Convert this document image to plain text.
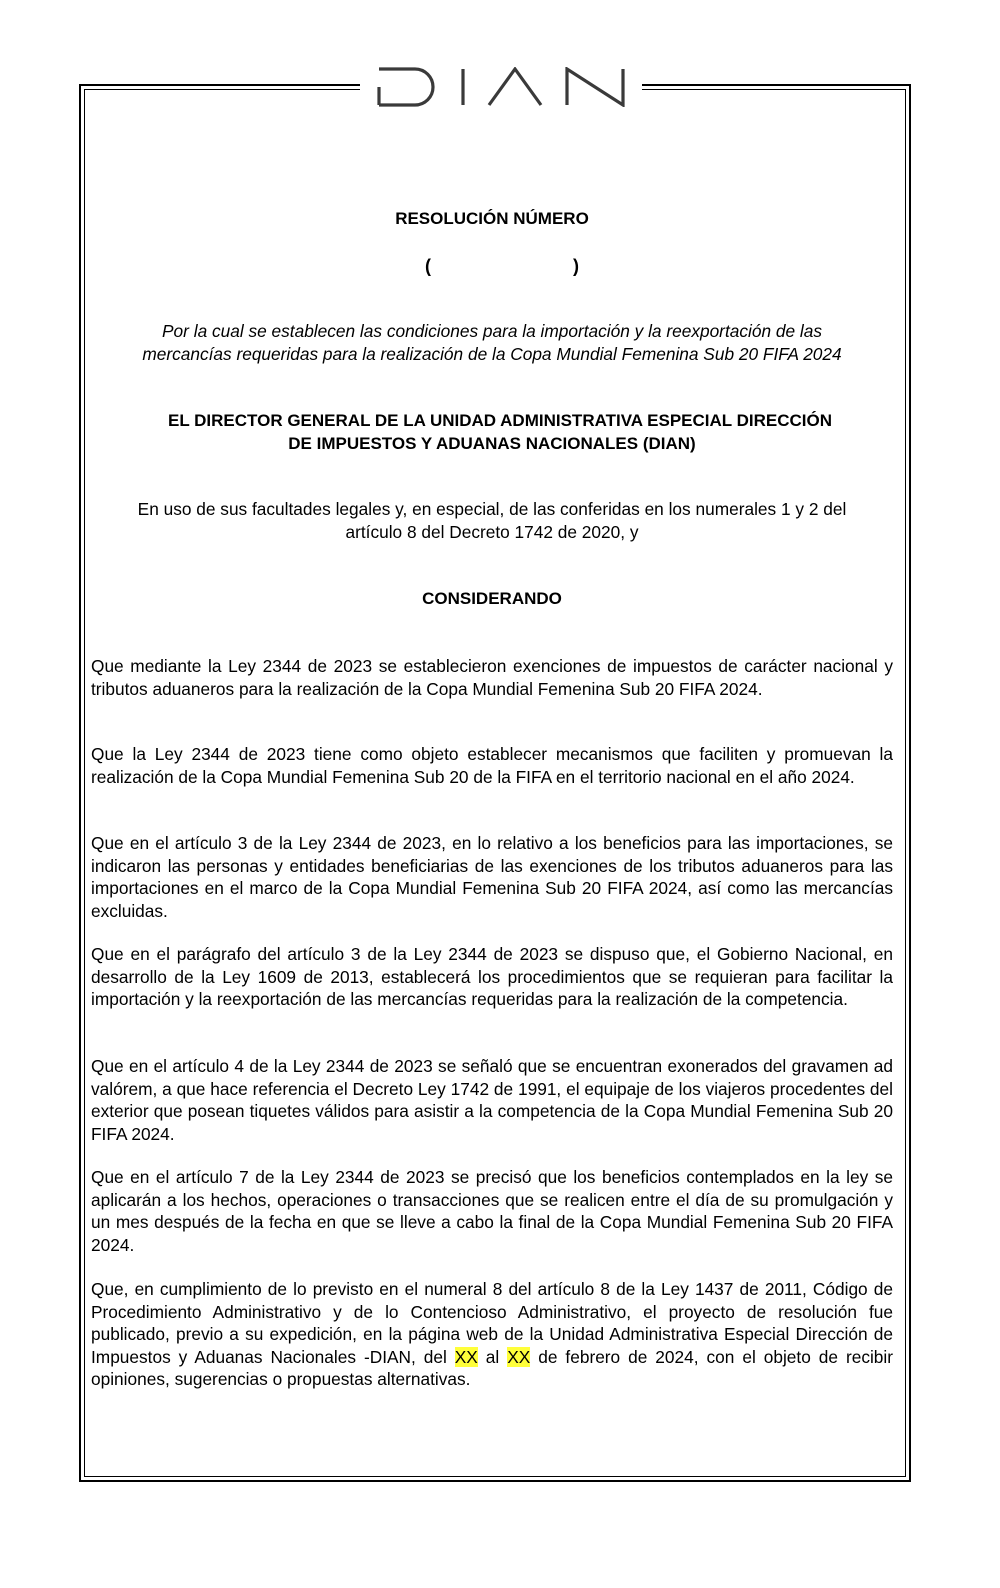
RESOLUCIÓN NÚMERO
(	)
Por la cual se establecen las condiciones para la importación y la reexportación de las
mercancías requeridas para la realización de la Copa Mundial Femenina Sub 20 FIFA 2024
EL DIRECTOR GENERAL DE LA UNIDAD ADMINISTRATIVA ESPECIAL DIRECCIÓN
DE IMPUESTOS Y ADUANAS NACIONALES (DIAN)
En uso de sus facultades legales y, en especial, de las conferidas en los numerales 1 y 2 del
artículo 8 del Decreto 1742 de 2020, y
CONSIDERANDO
Que mediante la Ley 2344 de 2023 se establecieron exenciones de impuestos de carácter nacional y tributos aduaneros para la realización de la Copa Mundial Femenina Sub 20 FIFA 2024.
Que la Ley 2344 de 2023 tiene como objeto establecer mecanismos que faciliten y promuevan la realización de la Copa Mundial Femenina Sub 20 de la FIFA en el territorio nacional en el año 2024.
Que en el artículo 3 de la Ley 2344 de 2023, en lo relativo a los beneficios para las importaciones, se indicaron las personas y entidades beneficiarias de las exenciones de los tributos aduaneros para las importaciones en el marco de la Copa Mundial Femenina Sub 20 FIFA 2024, así como las mercancías excluidas.
Que en el parágrafo del artículo 3 de la Ley 2344 de 2023 se dispuso que, el Gobierno Nacional, en desarrollo de la Ley 1609 de 2013, establecerá los procedimientos que se requieran para facilitar la importación y la reexportación de las mercancías requeridas para la realización de la competencia.
Que en el artículo 4 de la Ley 2344 de 2023 se señaló que se encuentran exonerados del gravamen ad valórem, a que hace referencia el Decreto Ley 1742 de 1991, el equipaje de los viajeros procedentes del exterior que posean tiquetes válidos para asistir a la competencia de la Copa Mundial Femenina Sub 20 FIFA 2024.
Que en el artículo 7 de la Ley 2344 de 2023 se precisó que los beneficios contemplados en la ley se aplicarán a los hechos, operaciones o transacciones que se realicen entre el día de su promulgación y un mes después de la fecha en que se lleve a cabo la final de la Copa Mundial Femenina Sub 20 FIFA 2024.
Que, en cumplimiento de lo previsto en el numeral 8 del artículo 8 de la Ley 1437 de 2011, Código de Procedimiento Administrativo y de lo Contencioso Administrativo, el proyecto de resolución fue publicado, previo a su expedición, en la página web de la Unidad Administrativa Especial Dirección de Impuestos y Aduanas Nacionales -DIAN, del XX al XX de febrero de 2024, con el objeto de recibir opiniones, sugerencias o propuestas alternativas.
